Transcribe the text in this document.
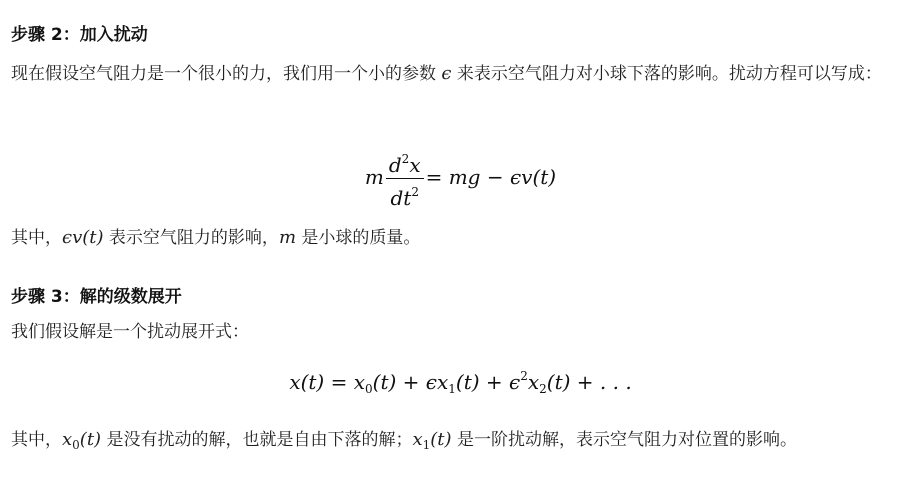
步骤 2：加入扰动
现在假设空气阻力是一个很小的力，我们用一个小的参数 ϵ 来表示空气阻力对小球下落的影响。扰动方程可以写成：
m $\frac{d^2x}{dt^2}$ = mg − ϵv(t)
其中，ϵv(t) 表示空气阻力的影响，m 是小球的质量。
步骤 3：解的级数展开
我们假设解是一个扰动展开式：
$x(t) = x_0(t) + \epsilon x_1(t) + \epsilon^2x_2(t)$ + . . .
其中，$x_0(t)$ 是没有扰动的解，也就是自由下落的解；$x_1(t)$ 是一阶扰动解，表示空气阻力对位置的影响。
